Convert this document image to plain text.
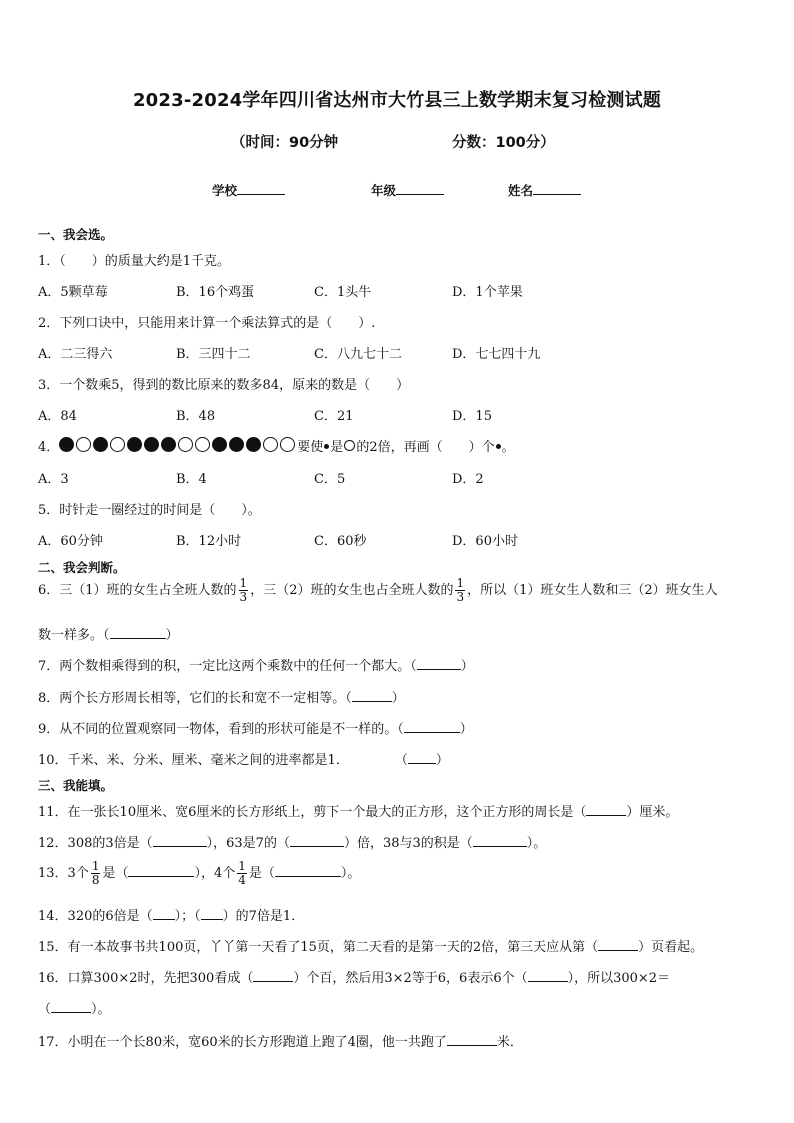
2023-2024学年四川省达州市大竹县三上数学期末复习检测试题
（时间：90分钟	分数：100分）
学校	年级	姓名
一、我会选。
1．（　　）的质量大约是1千克。
A．5颗草莓	B．16个鸡蛋	C．1头牛	D．1个苹果
2．下列口诀中，只能用来计算一个乘法算式的是（　　）.
A．二三得六	B．三四十二	C．八九七十二	D．七七四十九
3．一个数乘5，得到的数比原来的数多84，原来的数是（　　）
A．84	B．48	C．21	D．15
4．	要使 是 的2倍，再画（　　）个 。
A．3	B．4	C．5	D．2
5．时针走一圈经过的时间是（　　）。
A．60分钟	B．12小时	C．60秒	D．60小时
二、我会判断。
6．三（1）班的女生占全班人数的 $\frac{1}{3}$ ，三（2）班的女生也占全班人数的 $\frac{1}{3}$ ，所以（1）班女生人数和三（2）班女生人
数一样多。（	）
7．两个数相乘得到的积，一定比这两个乘数中的任何一个都大。（	）
8．两个长方形周长相等，它们的长和宽不一定相等。（	）
9．从不同的位置观察同一物体，看到的形状可能是不一样的。（	）
10．千米、米、分米、厘米、毫米之间的进率都是1．	（ ）
三、我能填。
11．在一张长10厘米、宽6厘米的长方形纸上，剪下一个最大的正方形，这个正方形的周长是（	）厘米。
12．308的3倍是（	），63是7的（	）倍，38与3的积是（	）。
13．3个 $\frac{1}{8}$ 是（	），4个 $\frac{1}{4}$ 是（	）。
14．320的6倍是（ ）；（ ）的7倍是1．
15．有一本故事书共100页，丫丫第一天看了15页，第二天看的是第一天的2倍，第三天应从第（	）页看起。
16．口算300×2时，先把300看成（	）个百，然后用3×2等于6，6表示6个（	），所以300×2＝
（	）。
17．小明在一个长80米，宽60米的长方形跑道上跑了4圈，他一共跑了	米．
